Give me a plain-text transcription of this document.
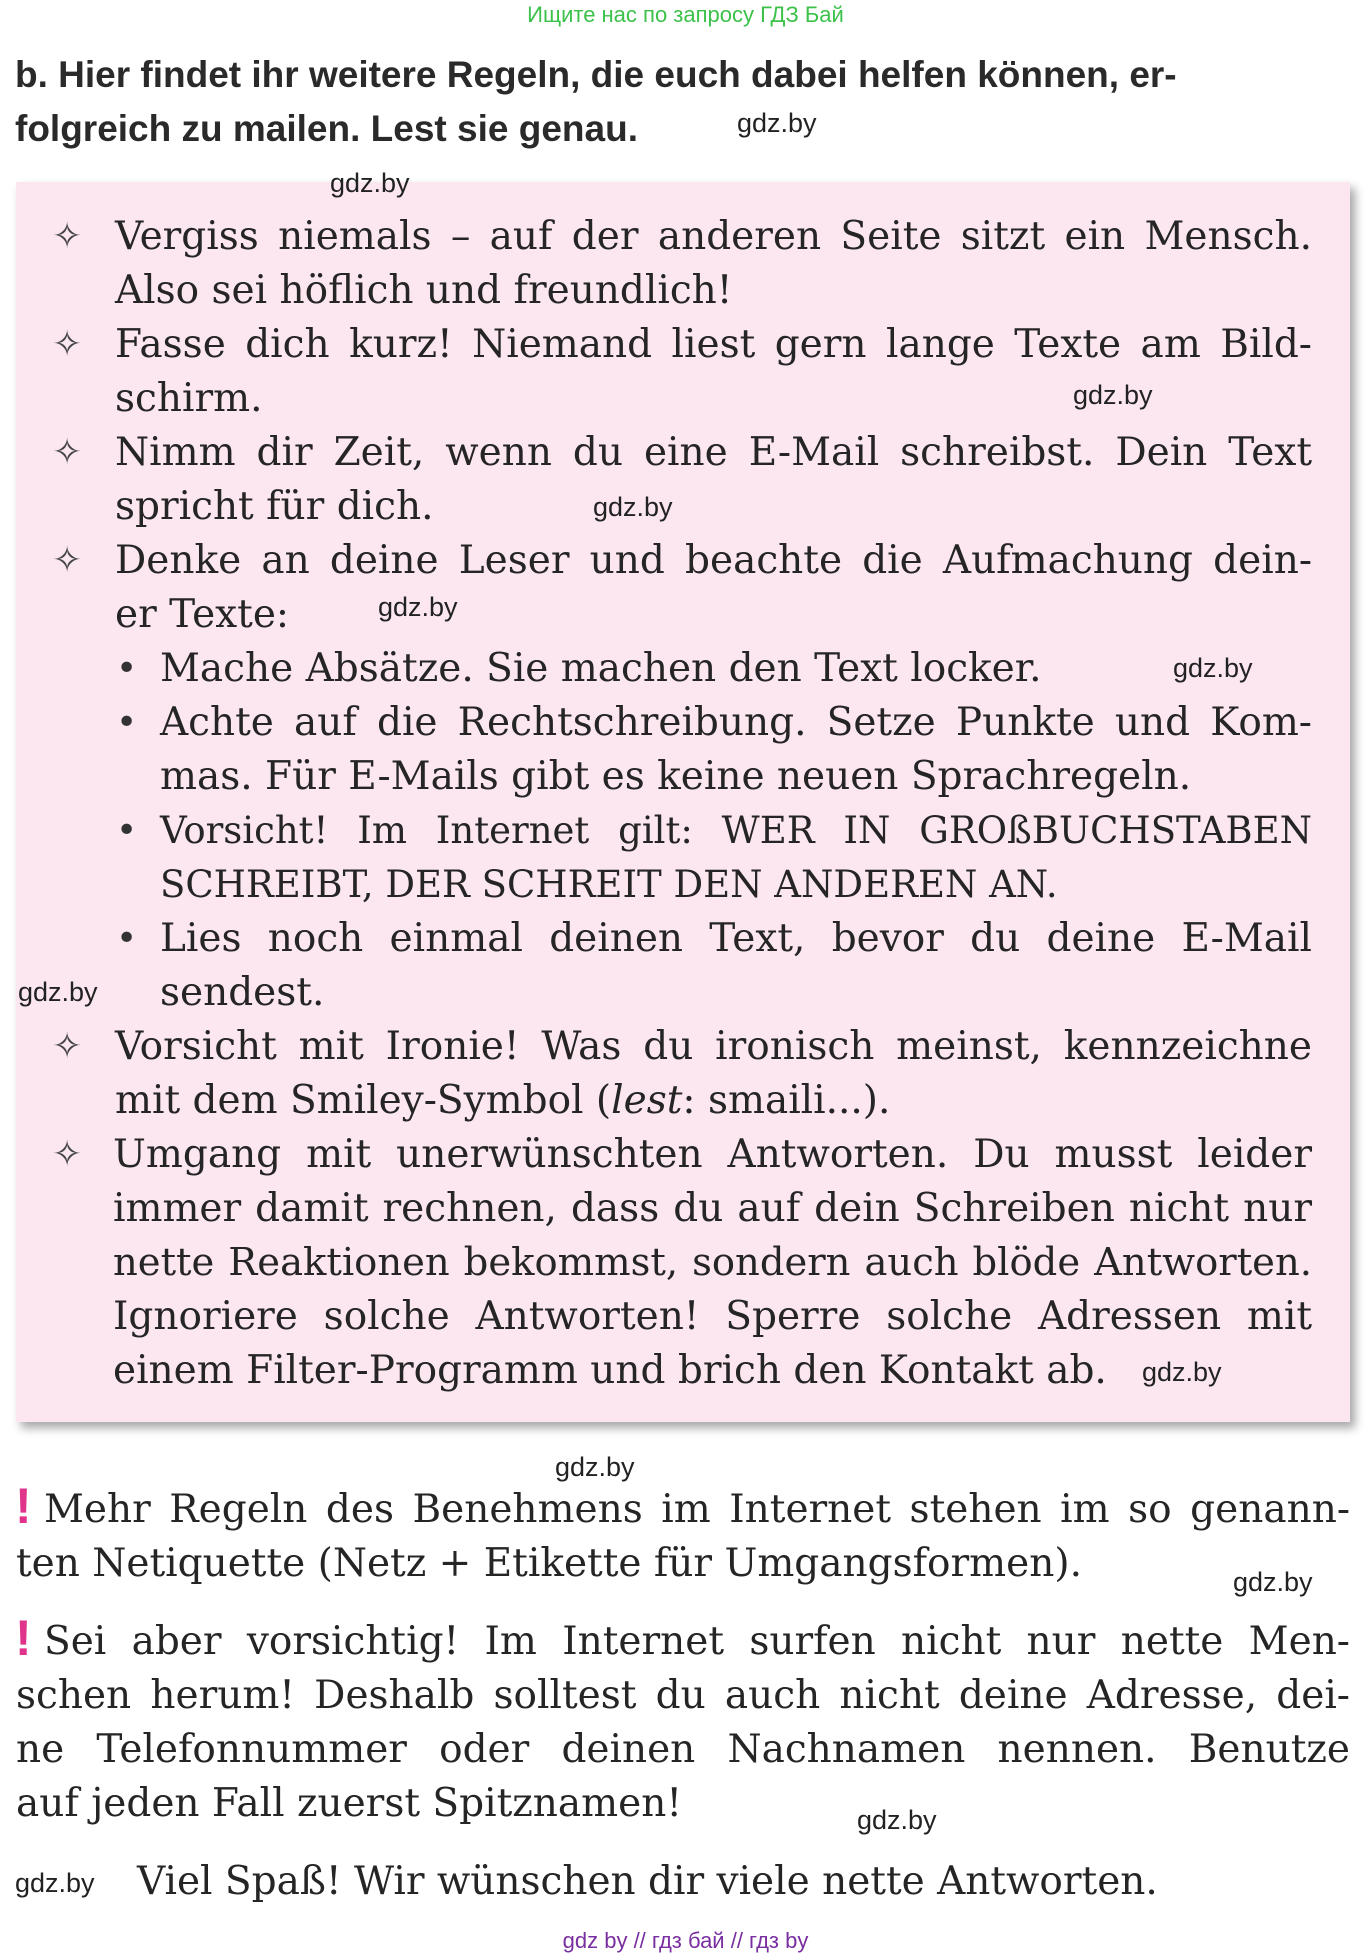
Ищите нас по запросу ГДЗ Бай
b. Hier findet ihr weitere Regeln, die euch dabei helfen können, er-
folgreich zu mailen. Lest sie genau.
✧ Vergiss niemals – auf der anderen Seite sitzt ein Mensch.
Also sei höflich und freundlich!
✧ Fasse dich kurz! Niemand liest gern lange Texte am Bild-
schirm.
✧ Nimm dir Zeit, wenn du eine E-Mail schreibst. Dein Text
spricht für dich.
✧ Denke an deine Leser und beachte die Aufmachung dein-
er Texte:
• Mache Absätze. Sie machen den Text locker.
• Achte auf die Rechtschreibung. Setze Punkte und Kom-
mas. Für E-Mails gibt es keine neuen Sprachregeln.
• Vorsicht! Im Internet gilt: WER IN GROßBUCHSTABEN
SCHREIBT, DER SCHREIT DEN ANDEREN AN.
• Lies noch einmal deinen Text, bevor du deine E-Mail
sendest.
✧ Vorsicht mit Ironie! Was du ironisch meinst, kennzeichne
mit dem Smiley-Symbol (lest: smaili...).
✧ Umgang mit unerwünschten Antworten. Du musst leider
immer damit rechnen, dass du auf dein Schreiben nicht nur
nette Reaktionen bekommst, sondern auch blöde Antworten.
Ignoriere solche Antworten! Sperre solche Adressen mit
einem Filter-Programm und brich den Kontakt ab.
! Mehr Regeln des Benehmens im Internet stehen im so genann-
ten Netiquette (Netz + Etikette für Umgangsformen).
! Sei aber vorsichtig! Im Internet surfen nicht nur nette Men-
schen herum! Deshalb solltest du auch nicht deine Adresse, dei-
ne Telefonnummer oder deinen Nachnamen nennen. Benutze
auf jeden Fall zuerst Spitznamen!
Viel Spaß! Wir wünschen dir viele nette Antworten.
gdz.by
gdz.by
gdz.by
gdz.by
gdz.by
gdz.by
gdz.by
gdz.by
gdz.by
gdz.by
gdz.by
gdz.by
gdz by // гдз бай // гдз by
